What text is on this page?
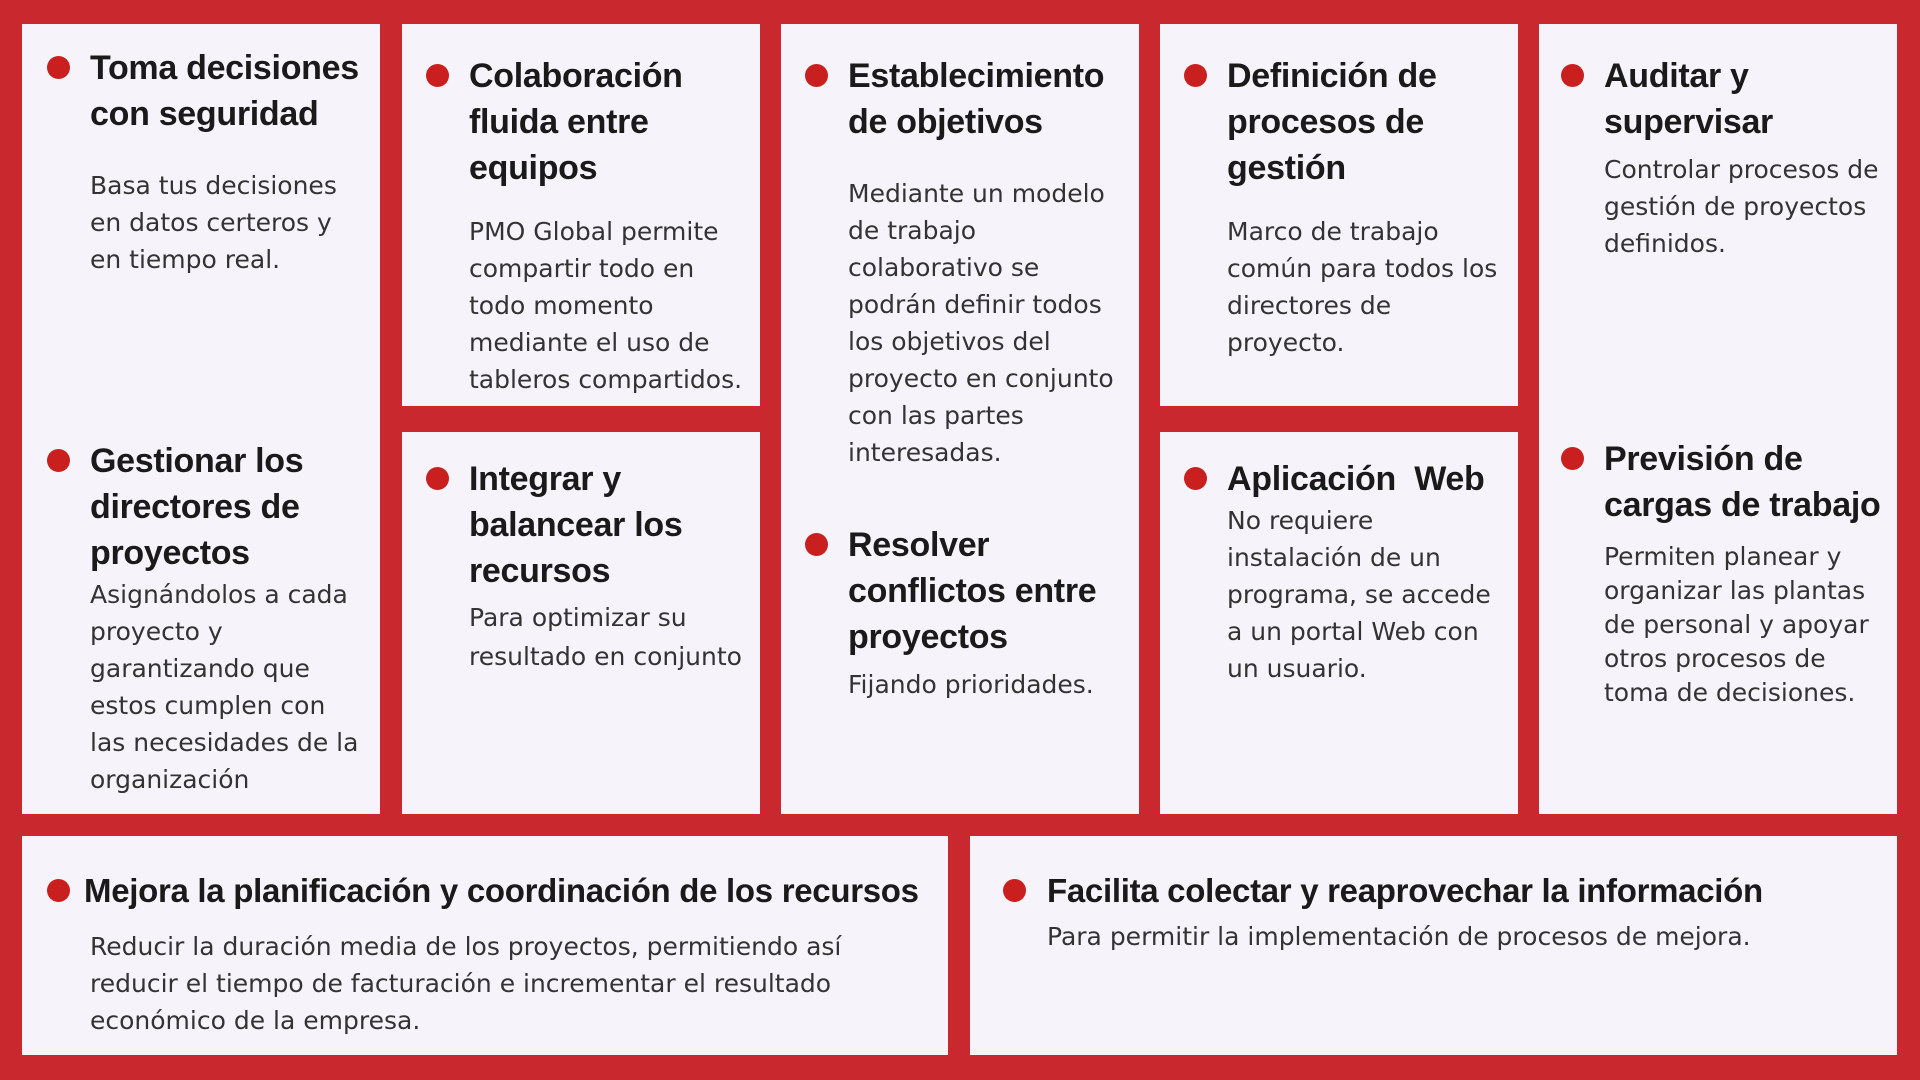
Toma decisiones con seguridad

Basa tus decisiones en datos certeros y en tiempo real.

Gestionar los directores de proyectos

Asignándolos a cada proyecto y garantizando que estos cumplen con las necesidades de la organización

Colaboración fluida entre equipos

PMO Global permite compartir todo en todo momento mediante el uso de tableros compartidos.

Integrar y balancear los recursos

Para optimizar su resultado en conjunto

Establecimiento de objetivos

Mediante un modelo de trabajo colaborativo se podrán definir todos los objetivos del proyecto en conjunto con las partes interesadas.

Resolver conflictos entre proyectos

Fijando prioridades.

Definición de procesos de gestión

Marco de trabajo común para todos los directores de proyecto.

Aplicación  Web

No requiere instalación de un programa, se accede a un portal Web con un usuario.

Auditar y supervisar

Controlar procesos de gestión de proyectos definidos.

Previsión de cargas de trabajo

Permiten planear y organizar las plantas de personal y apoyar otros procesos de toma de decisiones.

Mejora la planificación y coordinación de los recursos

Reducir la duración media de los proyectos, permitiendo así reducir el tiempo de facturación e incrementar el resultado económico de la empresa.

Facilita colectar y reaprovechar la información

Para permitir la implementación de procesos de mejora.
